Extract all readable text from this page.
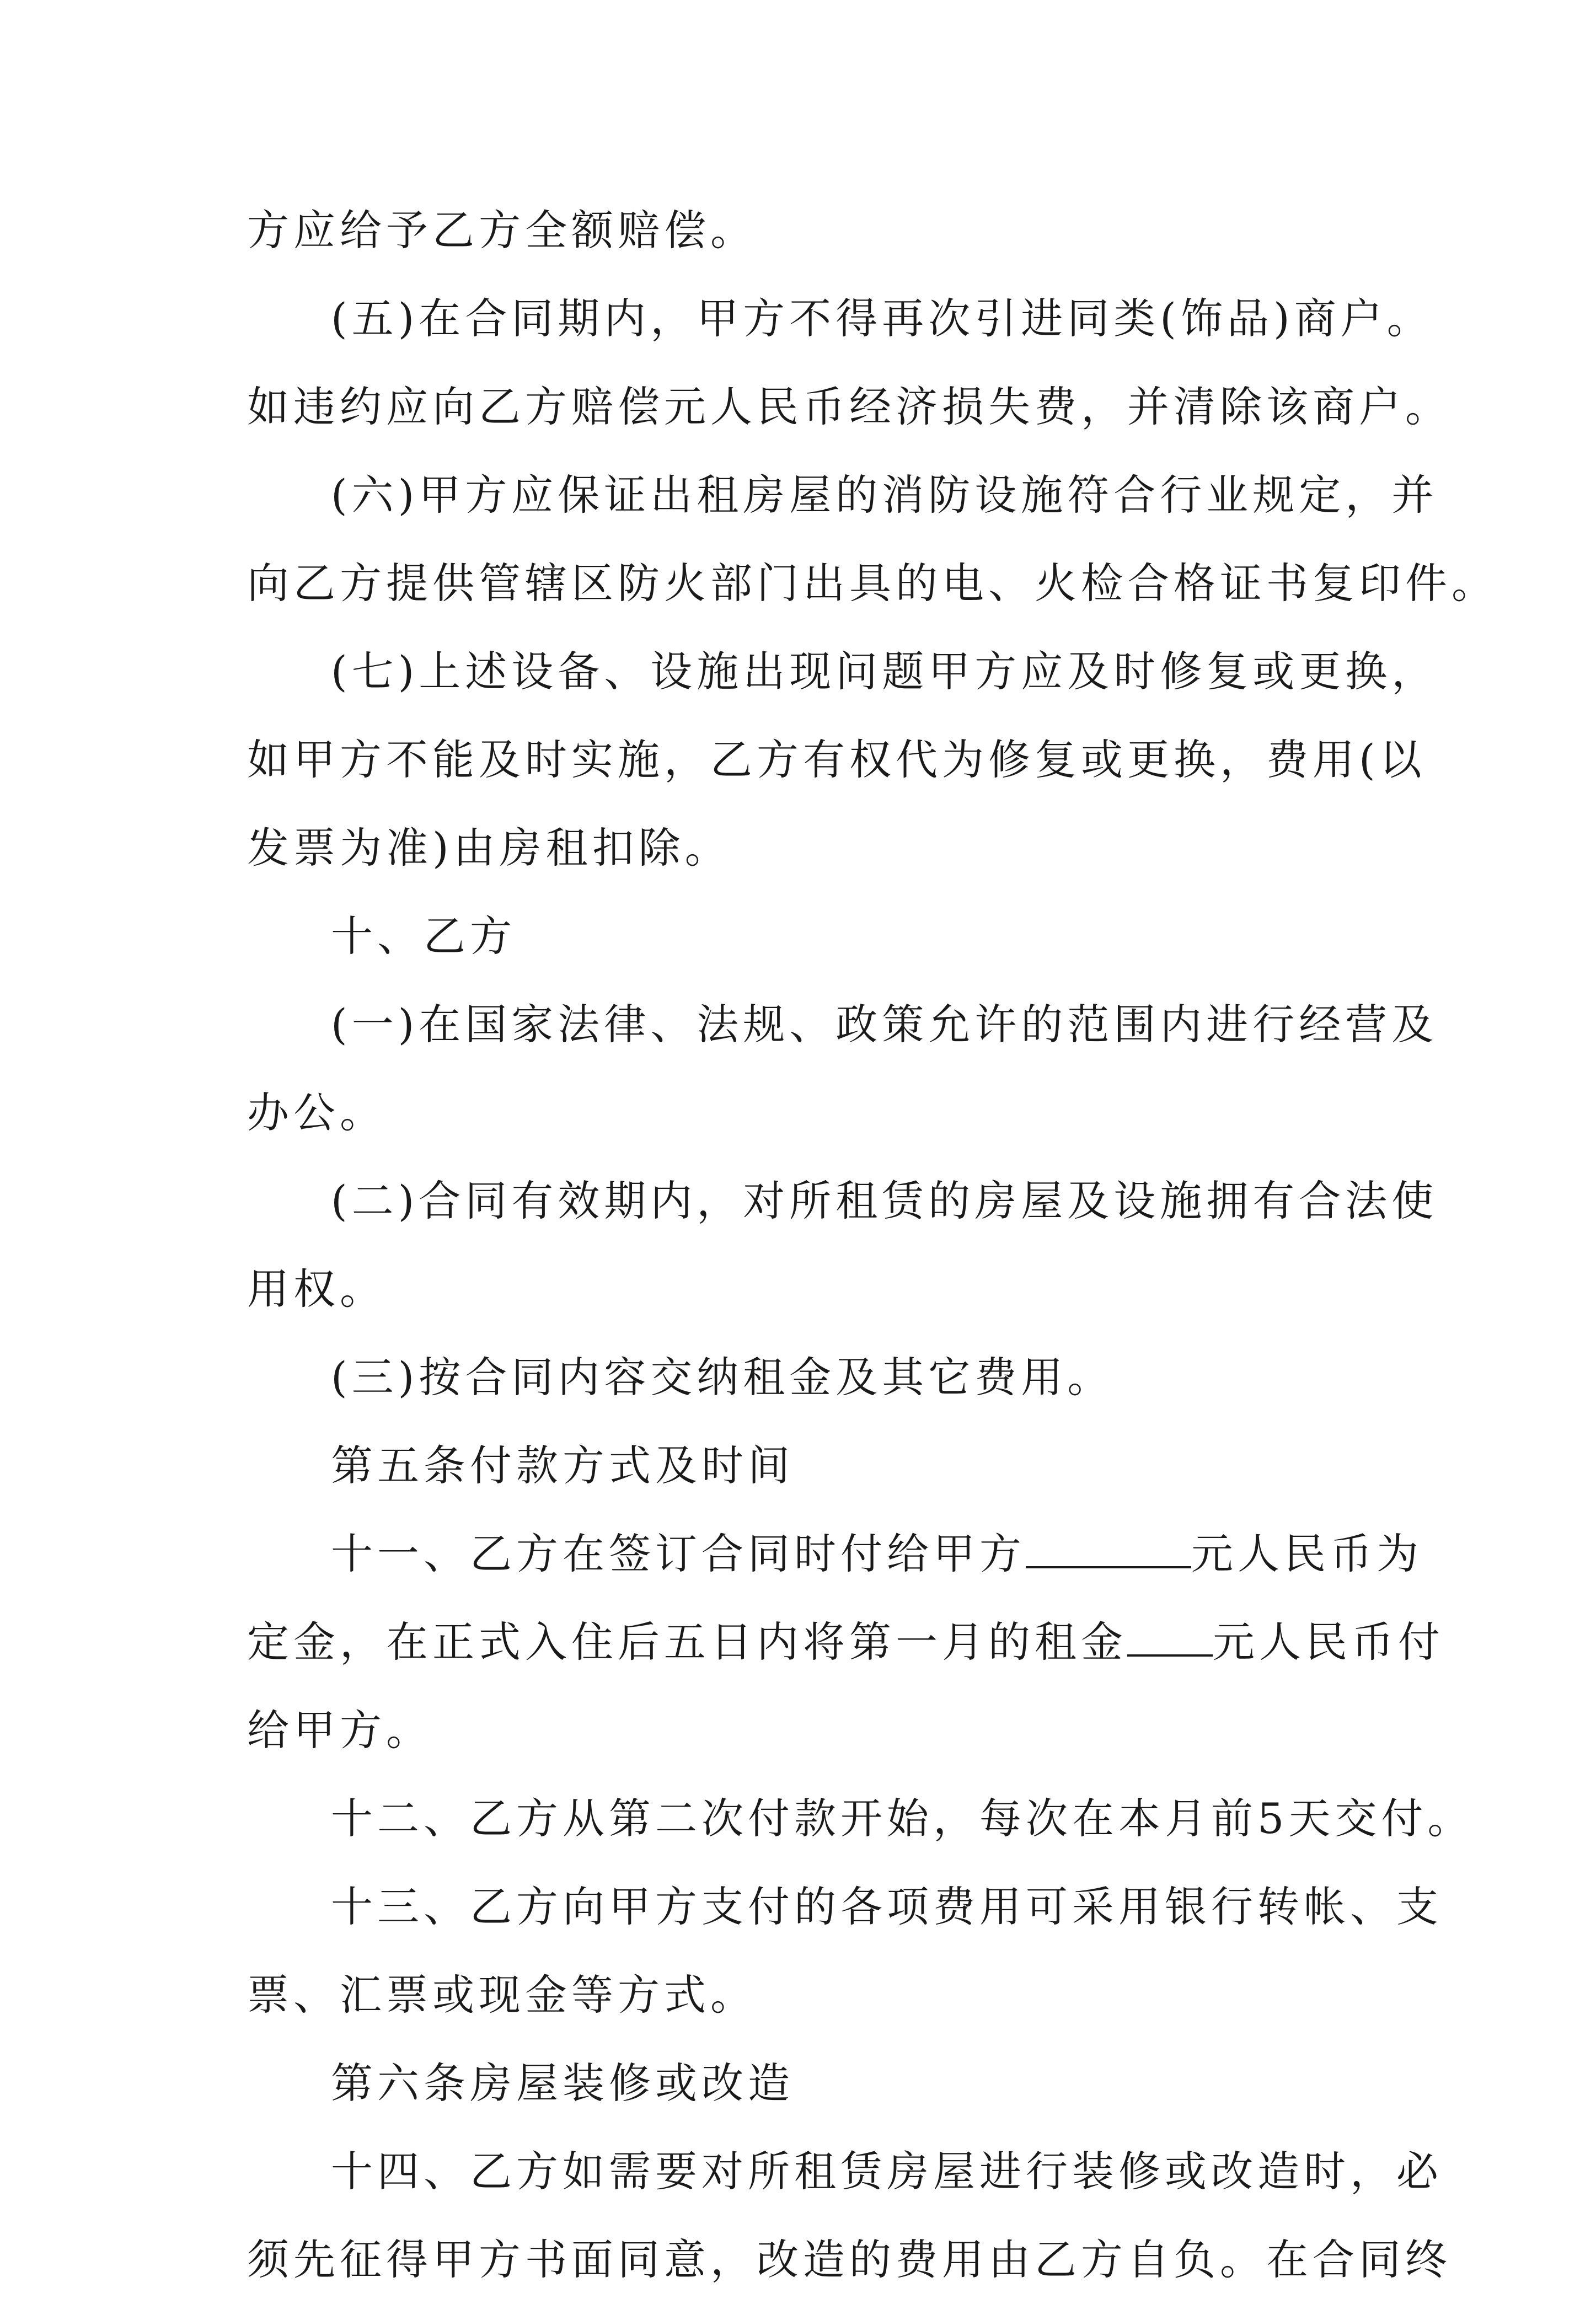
方应给予乙方全额赔偿。
(五)在合同期内，甲方不得再次引进同类(饰品)商户。
如违约应向乙方赔偿元人民币经济损失费，并清除该商户。
(六)甲方应保证出租房屋的消防设施符合行业规定，并
向乙方提供管辖区防火部门出具的电、火检合格证书复印件。
(七)上述设备、设施出现问题甲方应及时修复或更换，
如甲方不能及时实施，乙方有权代为修复或更换，费用(以
发票为准)由房租扣除。
十、乙方
(一)在国家法律、法规、政策允许的范围内进行经营及
办公。
(二)合同有效期内，对所租赁的房屋及设施拥有合法使
用权。
(三)按合同内容交纳租金及其它费用。
第五条付款方式及时间
十一、乙方在签订合同时付给甲方	元人民币为
定金，在正式入住后五日内将第一月的租金 元人民币付
给甲方。
十二、乙方从第二次付款开始，每次在本月前5天交付。
十三、乙方向甲方支付的各项费用可采用银行转帐、支
票、汇票或现金等方式。
第六条房屋装修或改造
十四、乙方如需要对所租赁房屋进行装修或改造时，必
须先征得甲方书面同意，改造的费用由乙方自负。在合同终
